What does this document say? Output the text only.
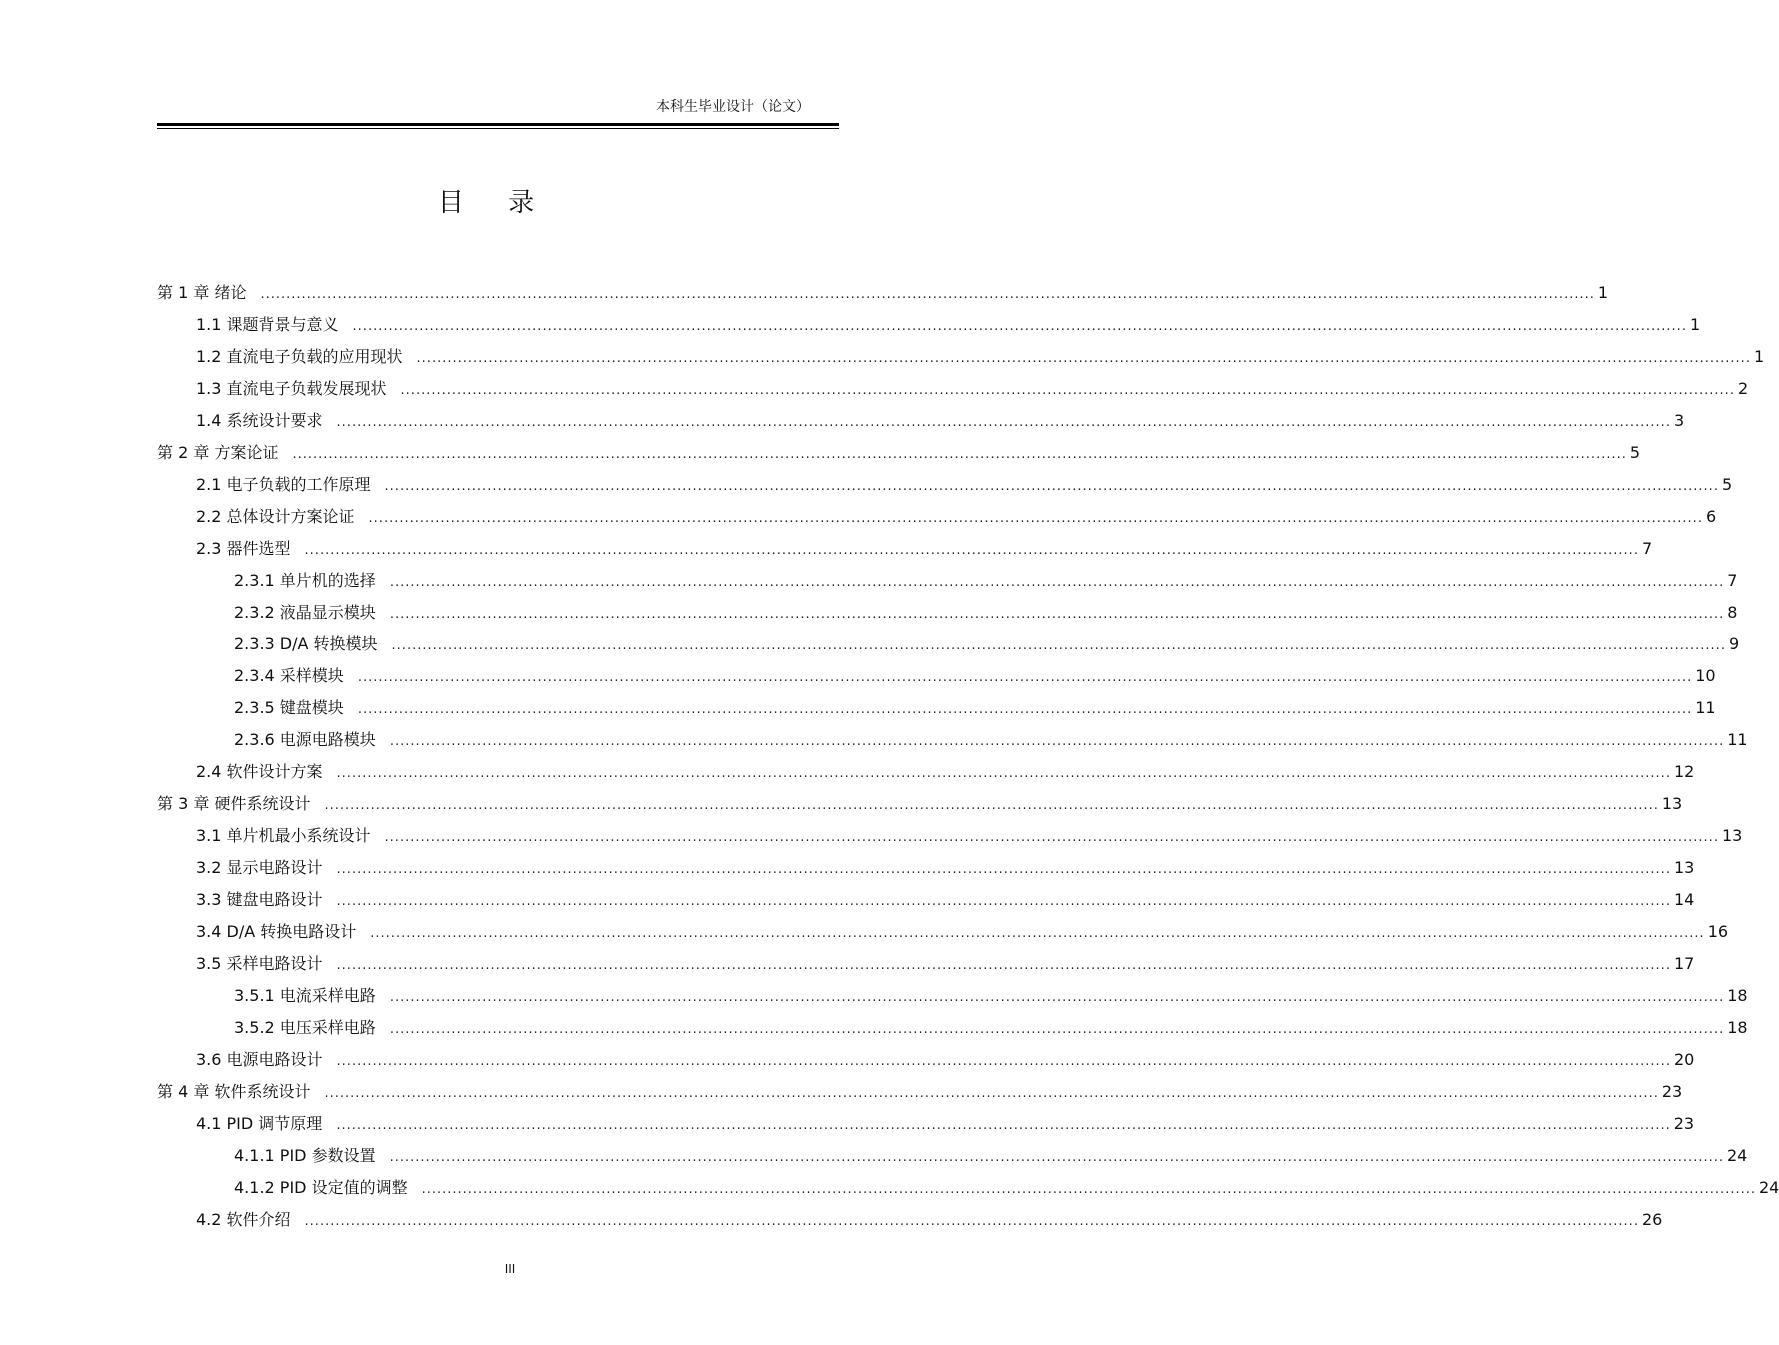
本科生毕业设计（论文）
目 录
第 1 章 绪论	.................................................................................................................................................................................................................................................................... 1
1.1 课题背景与意义	.................................................................................................................................................................................................................................................................... 1
1.2 直流电子负载的应用现状	.................................................................................................................................................................................................................................................................... 1
1.3 直流电子负载发展现状	.................................................................................................................................................................................................................................................................... 2
1.4 系统设计要求	.................................................................................................................................................................................................................................................................... 3
第 2 章 方案论证	.................................................................................................................................................................................................................................................................... 5
2.1 电子负载的工作原理	.................................................................................................................................................................................................................................................................... 5
2.2 总体设计方案论证	.................................................................................................................................................................................................................................................................... 6
2.3 器件选型	.................................................................................................................................................................................................................................................................... 7
2.3.1 单片机的选择	.................................................................................................................................................................................................................................................................... 7
2.3.2 液晶显示模块	.................................................................................................................................................................................................................................................................... 8
2.3.3 D/A 转换模块	.................................................................................................................................................................................................................................................................... 9
2.3.4 采样模块	.................................................................................................................................................................................................................................................................... 10
2.3.5 键盘模块	.................................................................................................................................................................................................................................................................... 11
2.3.6 电源电路模块	.................................................................................................................................................................................................................................................................... 11
2.4 软件设计方案	.................................................................................................................................................................................................................................................................... 12
第 3 章 硬件系统设计	.................................................................................................................................................................................................................................................................... 13
3.1 单片机最小系统设计	.................................................................................................................................................................................................................................................................... 13
3.2 显示电路设计	.................................................................................................................................................................................................................................................................... 13
3.3 键盘电路设计	.................................................................................................................................................................................................................................................................... 14
3.4 D/A 转换电路设计	.................................................................................................................................................................................................................................................................... 16
3.5 采样电路设计	.................................................................................................................................................................................................................................................................... 17
3.5.1 电流采样电路	.................................................................................................................................................................................................................................................................... 18
3.5.2 电压采样电路	.................................................................................................................................................................................................................................................................... 18
3.6 电源电路设计	.................................................................................................................................................................................................................................................................... 20
第 4 章 软件系统设计	.................................................................................................................................................................................................................................................................... 23
4.1 PID 调节原理	.................................................................................................................................................................................................................................................................... 23
4.1.1 PID 参数设置	.................................................................................................................................................................................................................................................................... 24
4.1.2 PID 设定值的调整	.................................................................................................................................................................................................................................................................... 24
4.2 软件介绍	.................................................................................................................................................................................................................................................................... 26
III
